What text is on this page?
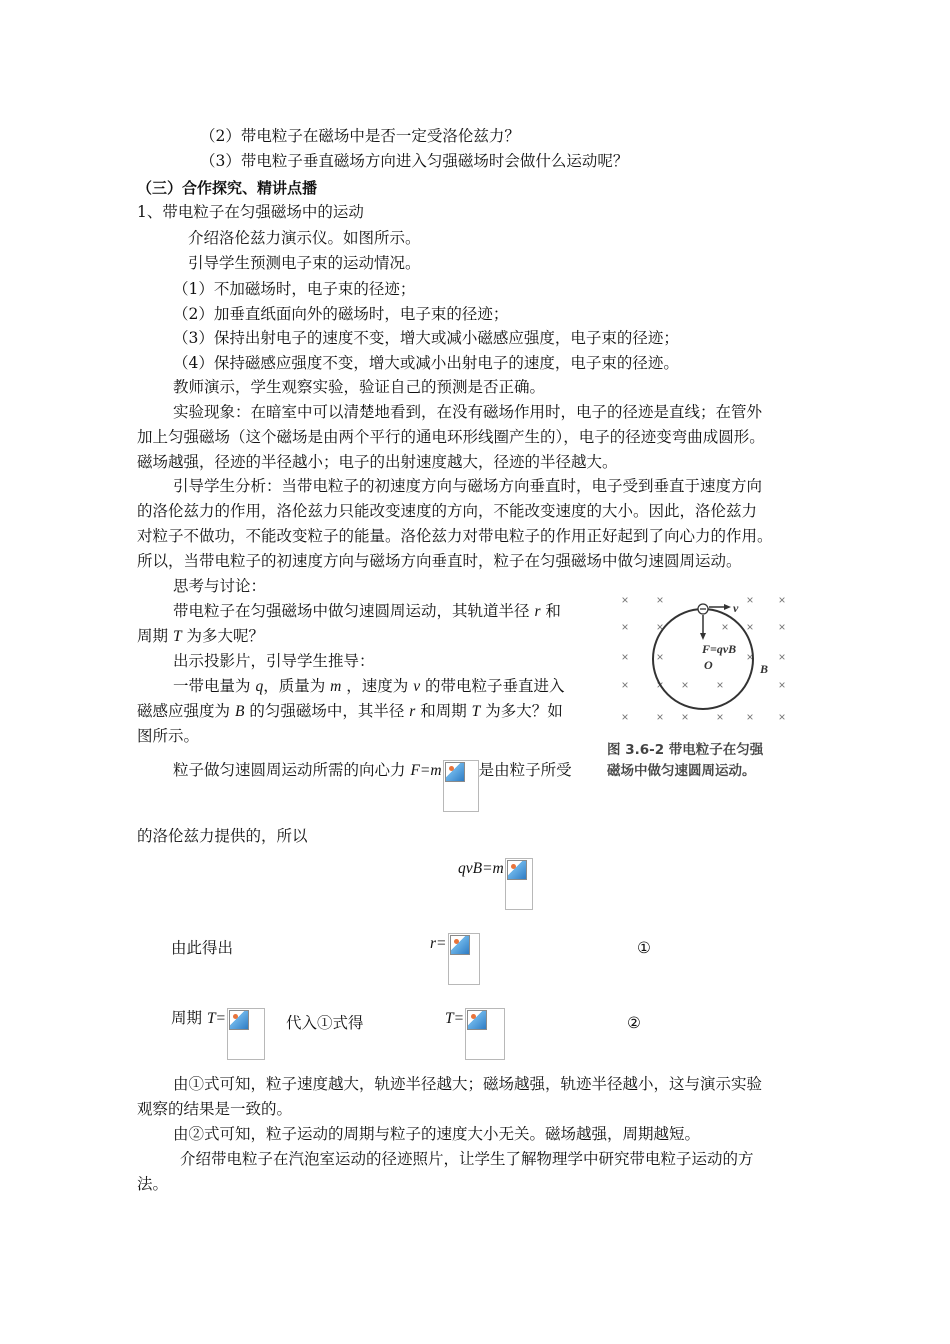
（2）带电粒子在磁场中是否一定受洛伦兹力？
（3）带电粒子垂直磁场方向进入匀强磁场时会做什么运动呢？
（三）合作探究、精讲点播
1、带电粒子在匀强磁场中的运动
介绍洛伦兹力演示仪。如图所示。
引导学生预测电子束的运动情况。
（1）不加磁场时，电子束的径迹；
（2）加垂直纸面向外的磁场时，电子束的径迹；
（3）保持出射电子的速度不变，增大或减小磁感应强度，电子束的径迹；
（4）保持磁感应强度不变，增大或减小出射电子的速度，电子束的径迹。
教师演示，学生观察实验，验证自己的预测是否正确。
实验现象：在暗室中可以清楚地看到，在没有磁场作用时，电子的径迹是直线；在管外
加上匀强磁场（这个磁场是由两个平行的通电环形线圈产生的），电子的径迹变弯曲成圆形。
磁场越强，径迹的半径越小；电子的出射速度越大，径迹的半径越大。
引导学生分析：当带电粒子的初速度方向与磁场方向垂直时，电子受到垂直于速度方向
的洛伦兹力的作用，洛伦兹力只能改变速度的方向，不能改变速度的大小。因此，洛伦兹力
对粒子不做功，不能改变粒子的能量。洛伦兹力对带电粒子的作用正好起到了向心力的作用。
所以，当带电粒子的初速度方向与磁场方向垂直时，粒子在匀强磁场中做匀速圆周运动。
思考与讨论：
带电粒子在匀强磁场中做匀速圆周运动，其轨道半径 r 和
周期 T 为多大呢？
出示投影片，引导学生推导：
一带电量为 q，质量为 m ，速度为 v 的带电粒子垂直进入
磁感应强度为 B 的匀强磁场中，其半径 r 和周期 T 为多大？如
图所示。
粒子做匀速圆周运动所需的向心力 F=m 是由粒子所受
的洛伦兹力提供的，所以
qvB=m
由此得出	r=	①
周期 T=	代入①式得	T=	②
由①式可知，粒子速度越大，轨迹半径越大；磁场越强，轨迹半径越小，这与演示实验
观察的结果是一致的。
由②式可知，粒子运动的周期与粒子的速度大小无关。磁场越强，周期越短。
介绍带电粒子在汽泡室运动的径迹照片，让学生了解物理学中研究带电粒子运动的方
法。
× ×	× ×
× ×	× × ×
× ×	× ×
× × × ×	×
× × × × × ×
v
F=qvB
O	B
图 3.6-2 带电粒子在匀强
磁场中做匀速圆周运动。
